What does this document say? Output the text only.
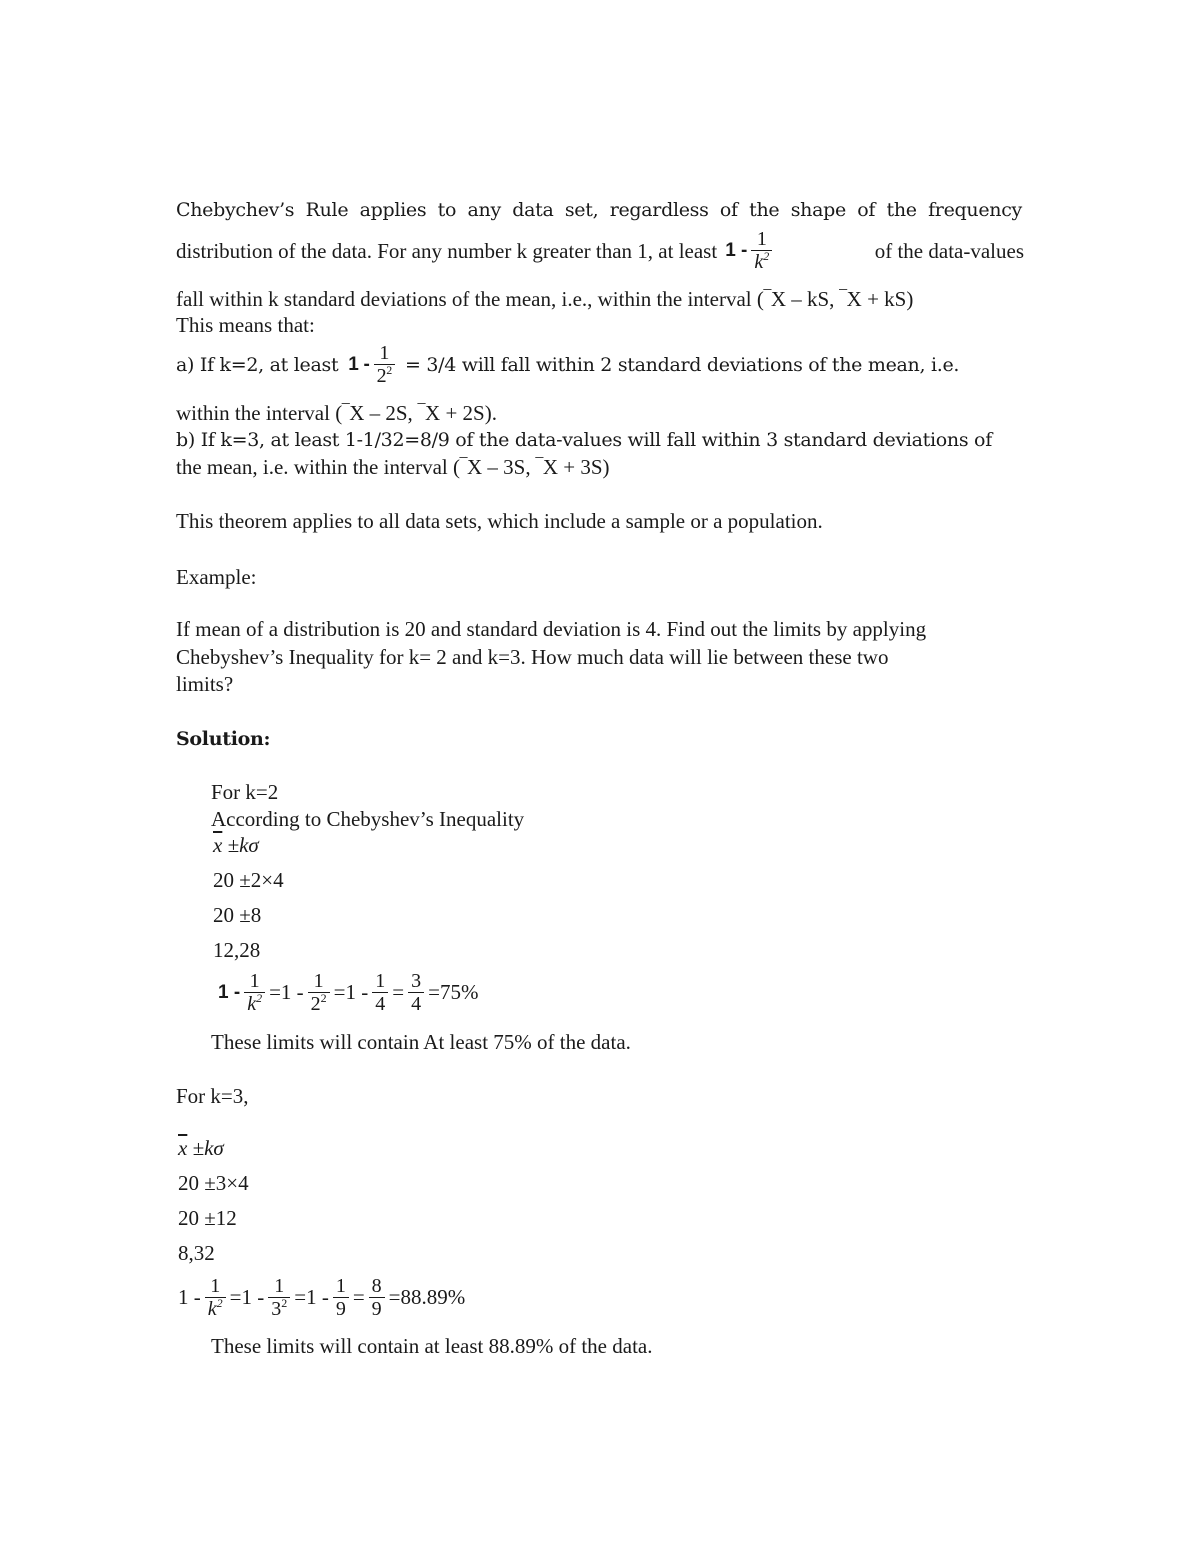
Chebychev’s Rule applies to any data set, regardless of the shape of the frequency
distribution of the data. For any number k greater than 1, at least $1 - \frac{1}{k^2}$	of the data-values
fall within k standard deviations of the mean, i.e., within the interval (‾X – kS, ‾X + kS)
This means that:
a) If k=2, at least $1 - \frac{1}{2^2} = 3/4$ will fall within 2 standard deviations of the mean, i.e.
within the interval (‾X – 2S, ‾X + 2S).
b) If k=3, at least 1-1/32=8/9 of the data-values will fall within 3 standard deviations of
the mean, i.e. within the interval (‾X – 3S, ‾X + 3S)
This theorem applies to all data sets, which include a sample or a population.
Example:
If mean of a distribution is 20 and standard deviation is 4. Find out the limits by applying
Chebyshev’s Inequality for k= 2 and k=3. How much data will lie between these two
limits?
Solution:
For k=2
According to Chebyshev’s Inequality
$\overline{x} \pm k\sigma$
20 ±2×4
20 ±8
12,28
$1 - \frac{1}{k^2} =1 - \frac{1}{2^2} =1 - \frac{1}{4} = \frac{3}{4} =75\%$
These limits will contain At least 75% of the data.
For k=3,
$\overline{x} \pm k\sigma$
20 ±3×4
20 ±12
8,32
$1 - \frac{1}{k^2} =1 - \frac{1}{3^2} =1 - \frac{1}{9} = \frac{8}{9} =88.89\%$
These limits will contain at least 88.89% of the data.
